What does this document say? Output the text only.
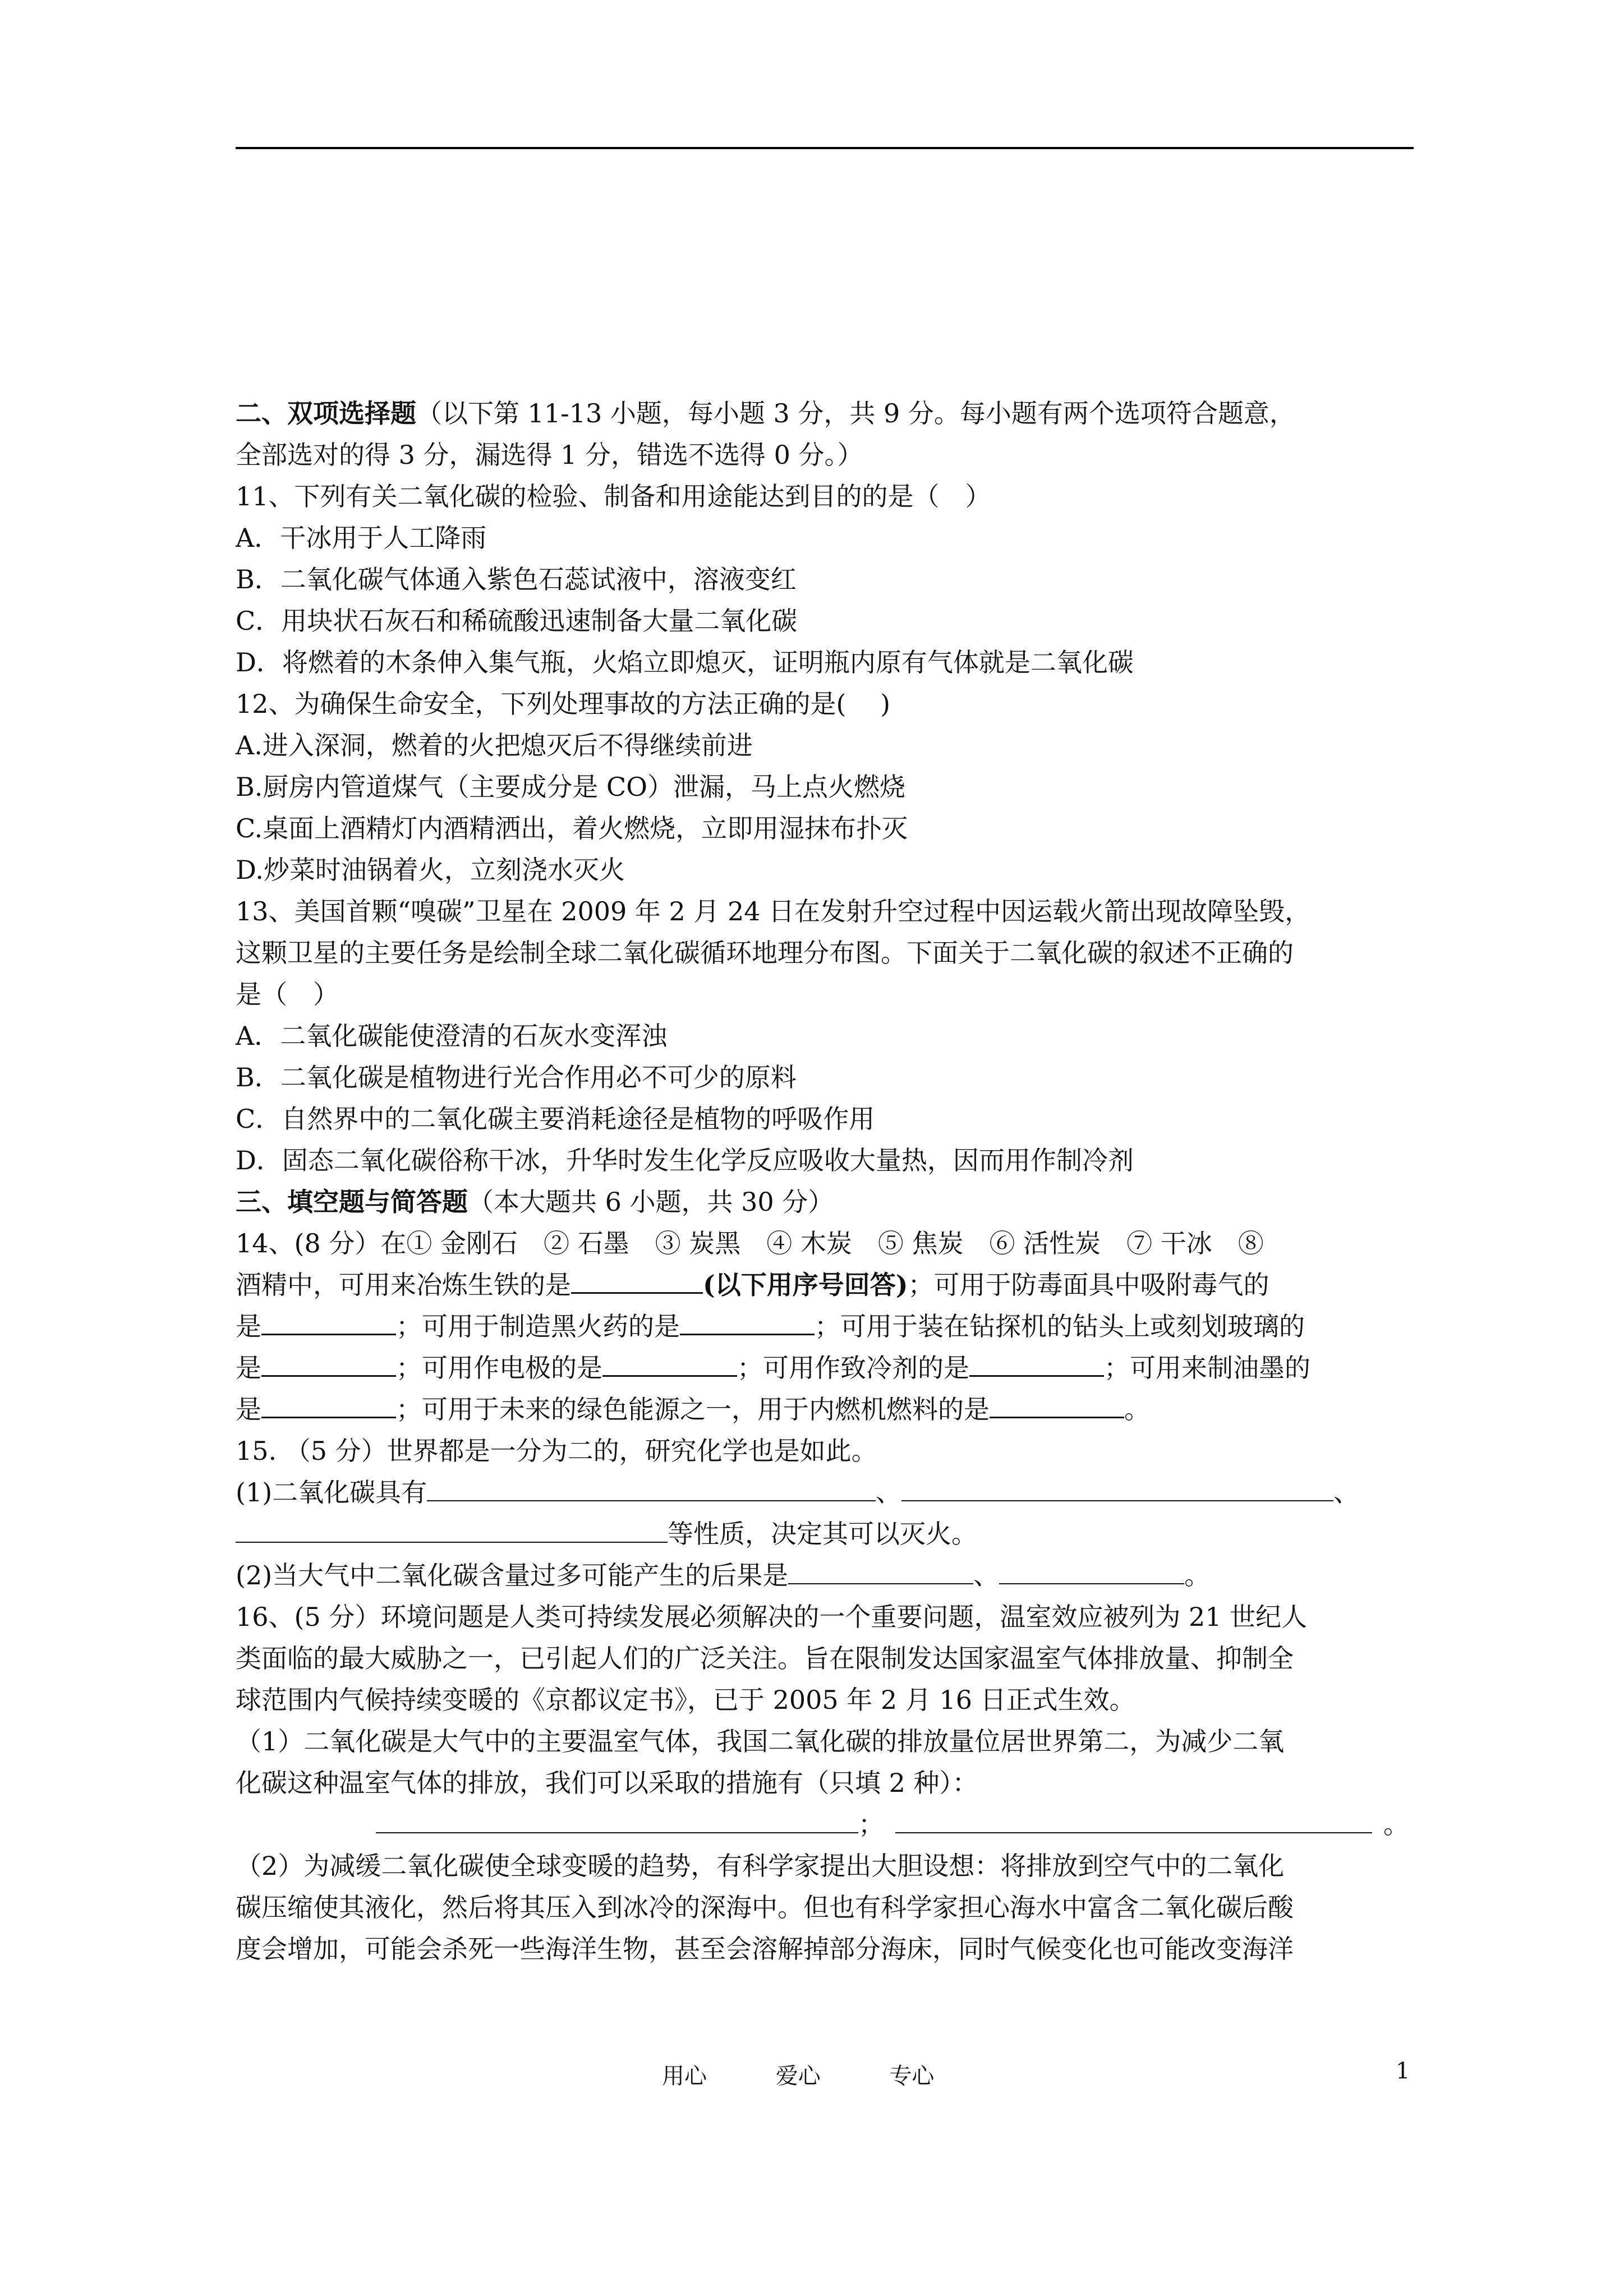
二、双项选择题（以下第 11-13 小题，每小题 3 分，共 9 分。每小题有两个选项符合题意，
全部选对的得 3 分，漏选得 1 分，错选不选得 0 分。）
11、下列有关二氧化碳的检验、制备和用途能达到目的的是（　）
A．干冰用于人工降雨
B．二氧化碳气体通入紫色石蕊试液中，溶液变红
C．用块状石灰石和稀硫酸迅速制备大量二氧化碳
D．将燃着的木条伸入集气瓶，火焰立即熄灭，证明瓶内原有气体就是二氧化碳
12、为确保生命安全，下列处理事故的方法正确的是(　 )
A.进入深洞，燃着的火把熄灭后不得继续前进
B.厨房内管道煤气（主要成分是 CO）泄漏，马上点火燃烧
C.桌面上酒精灯内酒精洒出，着火燃烧，立即用湿抹布扑灭
D.炒菜时油锅着火，立刻浇水灭火
13、美国首颗“嗅碳”卫星在 2009 年 2 月 24 日在发射升空过程中因运载火箭出现故障坠毁，
这颗卫星的主要任务是绘制全球二氧化碳循环地理分布图。下面关于二氧化碳的叙述不正确的
是（　）
A．二氧化碳能使澄清的石灰水变浑浊
B．二氧化碳是植物进行光合作用必不可少的原料
C．自然界中的二氧化碳主要消耗途径是植物的呼吸作用
D．固态二氧化碳俗称干冰，升华时发生化学反应吸收大量热，因而用作制冷剂
三、填空题与简答题（本大题共 6 小题，共 30 分）
14、(8 分）在① 金刚石　② 石墨　③ 炭黑　④ 木炭　⑤ 焦炭　⑥ 活性炭　⑦ 干冰　⑧
酒精中，可用来冶炼生铁的是	(以下用序号回答)；可用于防毒面具中吸附毒气的
是	；可用于制造黑火药的是	；可用于装在钻探机的钻头上或刻划玻璃的
是	；可用作电极的是	；可用作致冷剂的是	；可用来制油墨的
是	；可用于未来的绿色能源之一，用于内燃机燃料的是	。
15. （5 分）世界都是一分为二的，研究化学也是如此。
(1)二氧化碳具有	、	、
等性质，决定其可以灭火。
(2)当大气中二氧化碳含量过多可能产生的后果是	、	。
16、(5 分）环境问题是人类可持续发展必须解决的一个重要问题，温室效应被列为 21 世纪人
类面临的最大威胁之一，已引起人们的广泛关注。旨在限制发达国家温室气体排放量、抑制全
球范围内气候持续变暖的《京都议定书》，已于 2005 年 2 月 16 日正式生效。
（1）二氧化碳是大气中的主要温室气体，我国二氧化碳的排放量位居世界第二，为减少二氧
化碳这种温室气体的排放，我们可以采取的措施有（只填 2 种）：
；	。
（2）为减缓二氧化碳使全球变暖的趋势，有科学家提出大胆设想：将排放到空气中的二氧化
碳压缩使其液化，然后将其压入到冰冷的深海中。但也有科学家担心海水中富含二氧化碳后酸
度会增加，可能会杀死一些海洋生物，甚至会溶解掉部分海床，同时气候变化也可能改变海洋
用心	爱心	专心	1
